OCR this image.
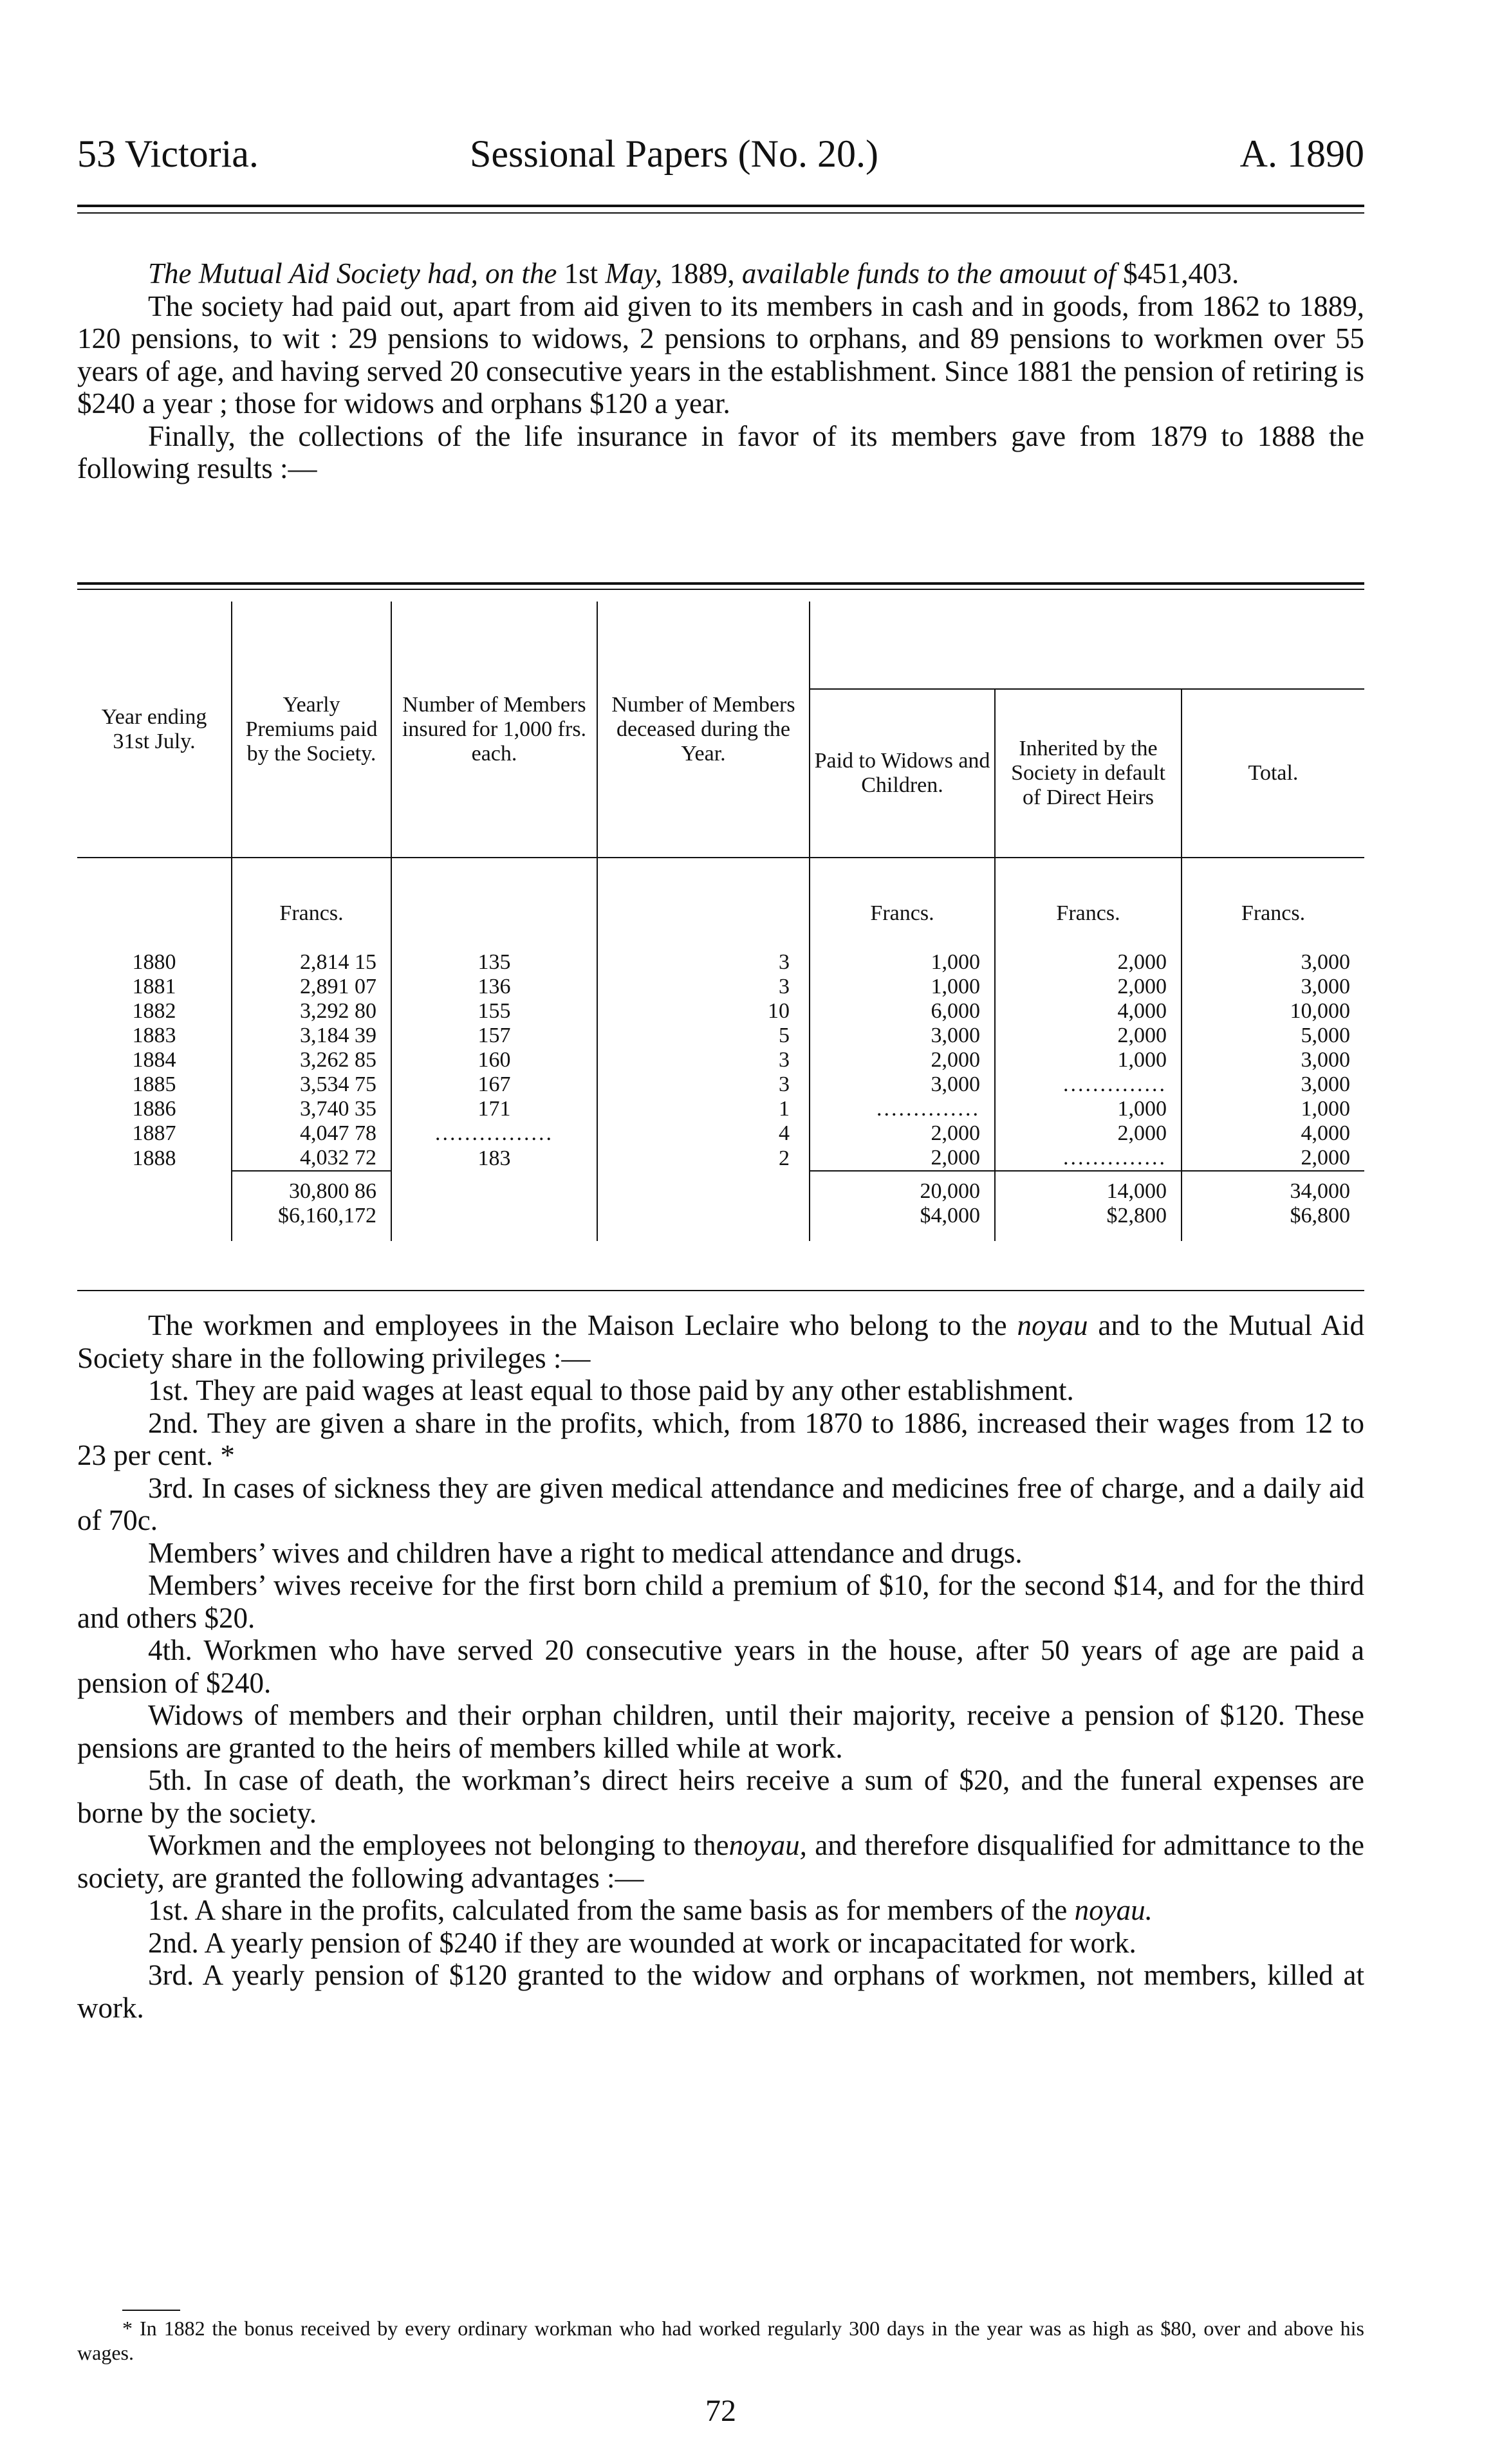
53 Victoria.	Sessional Papers (No. 20.)	A. 1890

The Mutual Aid Society had, on the 1st May, 1889, available funds to the amouut of $451,403.

The society had paid out, apart from aid given to its members in cash and in goods, from 1862 to 1889, 120 pensions, to wit : 29 pensions to widows, 2 pensions to orphans, and 89 pensions to workmen over 55 years of age, and having served 20 consecutive years in the establishment. Since 1881 the pension of retiring is $240 a year ; those for widows and orphans $120 a year.

Finally, the collections of the life insurance in favor of its members gave from 1879 to 1888 the following results :—

Year ending 31st July.	Yearly Premiums paid by the Society.	Number of Members insured for 1,000 frs. each.	Number of Members deceased during the Year.			
				Paid to Widows and Children.	Inherited by the Society in default of Direct Heirs	Total.
	Francs.			Francs.	Francs.	Francs.
1880	2,814 15	135	3	1,000	2,000	3,000
1881	2,891 07	136	3	1,000	2,000	3,000
1882	3,292 80	155	10	6,000	4,000	10,000
1883	3,184 39	157	5	3,000	2,000	5,000
1884	3,262 85	160	3	2,000	1,000	3,000
1885	3,534 75	167	3	3,000	..............	3,000
1886	3,740 35	171	1	..............	1,000	1,000
1887	4,047 78	................	4	2,000	2,000	4,000
1888	4,032 72	183	2	2,000	..............	2,000
	30,800 86			20,000	14,000	34,000
	$6,160,172			$4,000	$2,800	$6,800

The workmen and employees in the Maison Leclaire who belong to the noyau and to the Mutual Aid Society share in the following privileges :—

1st. They are paid wages at least equal to those paid by any other establishment.

2nd. They are given a share in the profits, which, from 1870 to 1886, increased their wages from 12 to 23 per cent. *

3rd. In cases of sickness they are given medical attendance and medicines free of charge, and a daily aid of 70c.

Members’ wives and children have a right to medical attendance and drugs.

Members’ wives receive for the first born child a premium of $10, for the second $14, and for the third and others $20.

4th. Workmen who have served 20 consecutive years in the house, after 50 years of age are paid a pension of $240.

Widows of members and their orphan children, until their majority, receive a pension of $120. These pensions are granted to the heirs of members killed while at work.

5th. In case of death, the workman’s direct heirs receive a sum of $20, and the funeral expenses are borne by the society.

Workmen and the employees not belonging to thenoyau, and therefore disqualified for admittance to the society, are granted the following advantages :—

1st. A share in the profits, calculated from the same basis as for members of the noyau.

2nd. A yearly pension of $240 if they are wounded at work or incapacitated for work.

3rd. A yearly pension of $120 granted to the widow and orphans of workmen, not members, killed at work.

* In 1882 the bonus received by every ordinary workman who had worked regularly 300 days in the year was as high as $80, over and above his wages.

72
